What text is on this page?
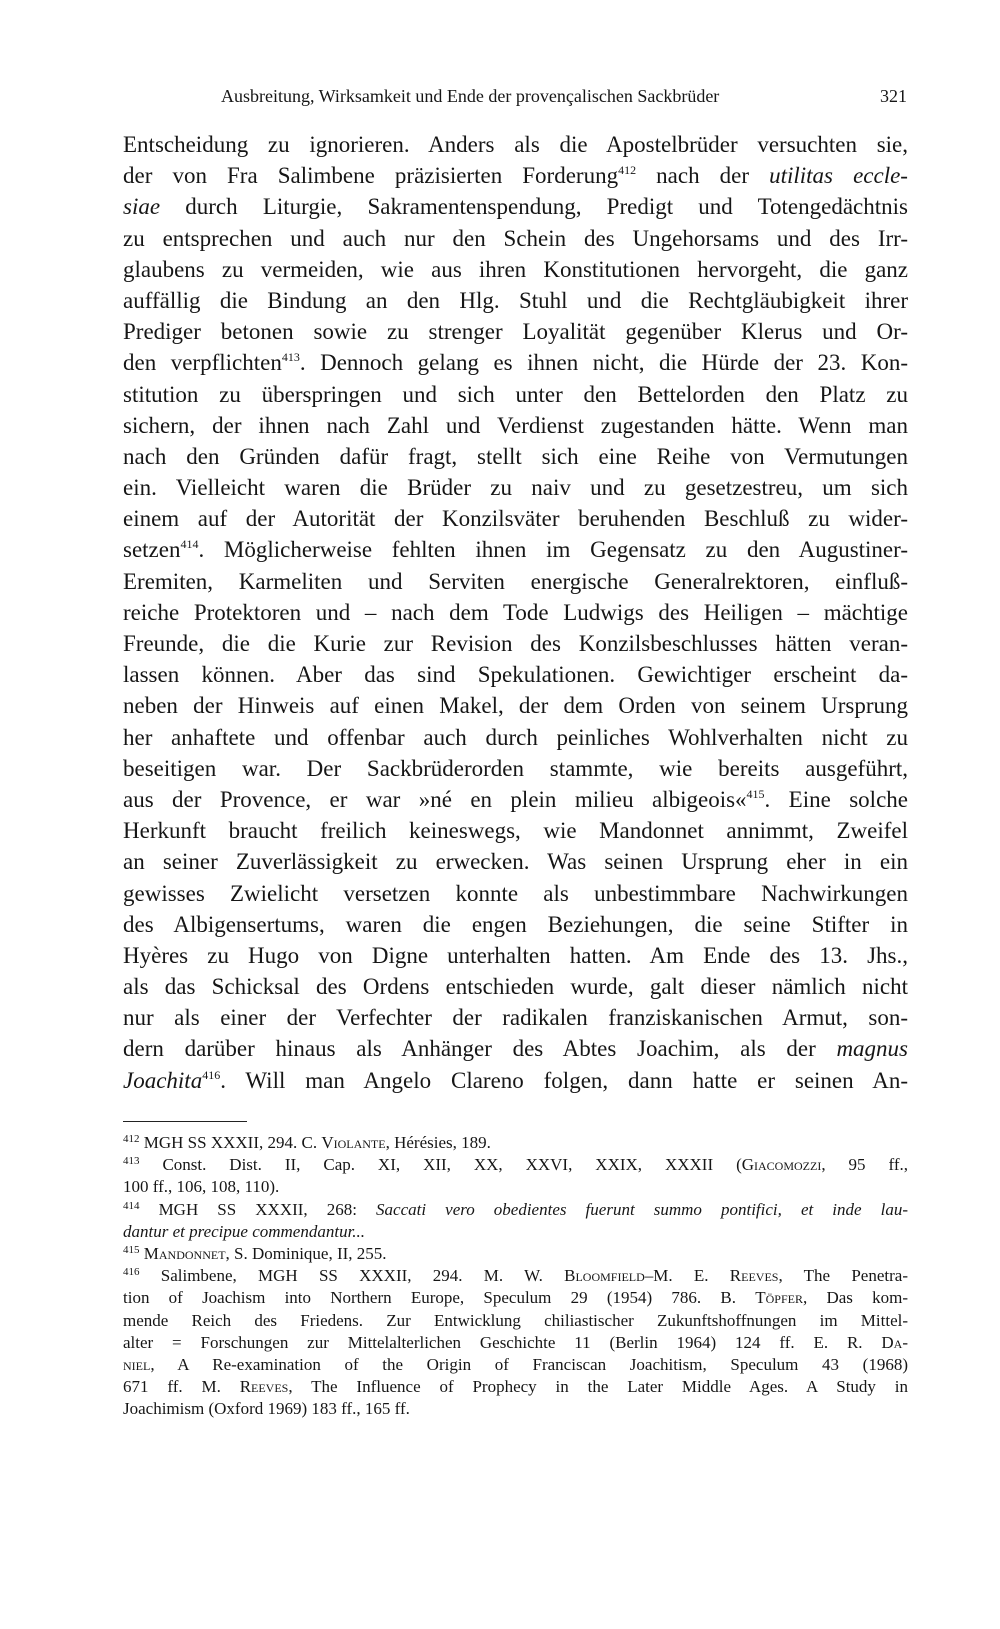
Ausbreitung, Wirksamkeit und Ende der provençalischen Sackbrüder	321
Entscheidung zu ignorieren. Anders als die Apostelbrüder versuchten sie,
der von Fra Salimbene präzisierten Forderung$^{412}$ nach der utilitas eccle-
siae durch Liturgie, Sakramentenspendung, Predigt und Totengedächtnis
zu entsprechen und auch nur den Schein des Ungehorsams und des Irr-
glaubens zu vermeiden, wie aus ihren Konstitutionen hervorgeht, die ganz
auffällig die Bindung an den Hlg. Stuhl und die Rechtgläubigkeit ihrer
Prediger betonen sowie zu strenger Loyalität gegenüber Klerus und Or-
den verpflichten$^{413}$. Dennoch gelang es ihnen nicht, die Hürde der 23. Kon-
stitution zu überspringen und sich unter den Bettelorden den Platz zu
sichern, der ihnen nach Zahl und Verdienst zugestanden hätte. Wenn man
nach den Gründen dafür fragt, stellt sich eine Reihe von Vermutungen
ein. Vielleicht waren die Brüder zu naiv und zu gesetzestreu, um sich
einem auf der Autorität der Konzilsväter beruhenden Beschluß zu wider-
setzen$^{414}$. Möglicherweise fehlten ihnen im Gegensatz zu den Augustiner-
Eremiten, Karmeliten und Serviten energische Generalrektoren, einfluß-
reiche Protektoren und – nach dem Tode Ludwigs des Heiligen – mächtige
Freunde, die die Kurie zur Revision des Konzilsbeschlusses hätten veran-
lassen können. Aber das sind Spekulationen. Gewichtiger erscheint da-
neben der Hinweis auf einen Makel, der dem Orden von seinem Ursprung
her anhaftete und offenbar auch durch peinliches Wohlverhalten nicht zu
beseitigen war. Der Sackbrüderorden stammte, wie bereits ausgeführt,
aus der Provence, er war »né en plein milieu albigeois«$^{415}$. Eine solche
Herkunft braucht freilich keineswegs, wie Mandonnet annimmt, Zweifel
an seiner Zuverlässigkeit zu erwecken. Was seinen Ursprung eher in ein
gewisses Zwielicht versetzen konnte als unbestimmbare Nachwirkungen
des Albigensertums, waren die engen Beziehungen, die seine Stifter in
Hyères zu Hugo von Digne unterhalten hatten. Am Ende des 13. Jhs.,
als das Schicksal des Ordens entschieden wurde, galt dieser nämlich nicht
nur als einer der Verfechter der radikalen franziskanischen Armut, son-
dern darüber hinaus als Anhänger des Abtes Joachim, als der magnus
Joachita$^{416}$. Will man Angelo Clareno folgen, dann hatte er seinen An-
$^{412}$ MGH SS XXXII, 294. C. Violante, Hérésies, 189.
$^{413}$ Const. Dist. II, Cap. XI, XII, XX, XXVI, XXIX, XXXII (Giacomozzi, 95 ff.,
100 ff., 106, 108, 110).
$^{414}$ MGH SS XXXII, 268: Saccati vero obedientes fuerunt summo pontifici, et inde lau-
dantur et precipue commendantur...
$^{415}$ Mandonnet, S. Dominique, II, 255.
$^{416}$ Salimbene, MGH SS XXXII, 294. M. W. Bloomfield–M. E. Reeves, The Penetra-
tion of Joachism into Northern Europe, Speculum 29 (1954) 786. B. Töpfer, Das kom-
mende Reich des Friedens. Zur Entwicklung chiliastischer Zukunftshoffnungen im Mittel-
alter = Forschungen zur Mittelalterlichen Geschichte 11 (Berlin 1964) 124 ff. E. R. Da-
niel, A Re-examination of the Origin of Franciscan Joachitism, Speculum 43 (1968)
671 ff. M. Reeves, The Influence of Prophecy in the Later Middle Ages. A Study in
Joachimism (Oxford 1969) 183 ff., 165 ff.
